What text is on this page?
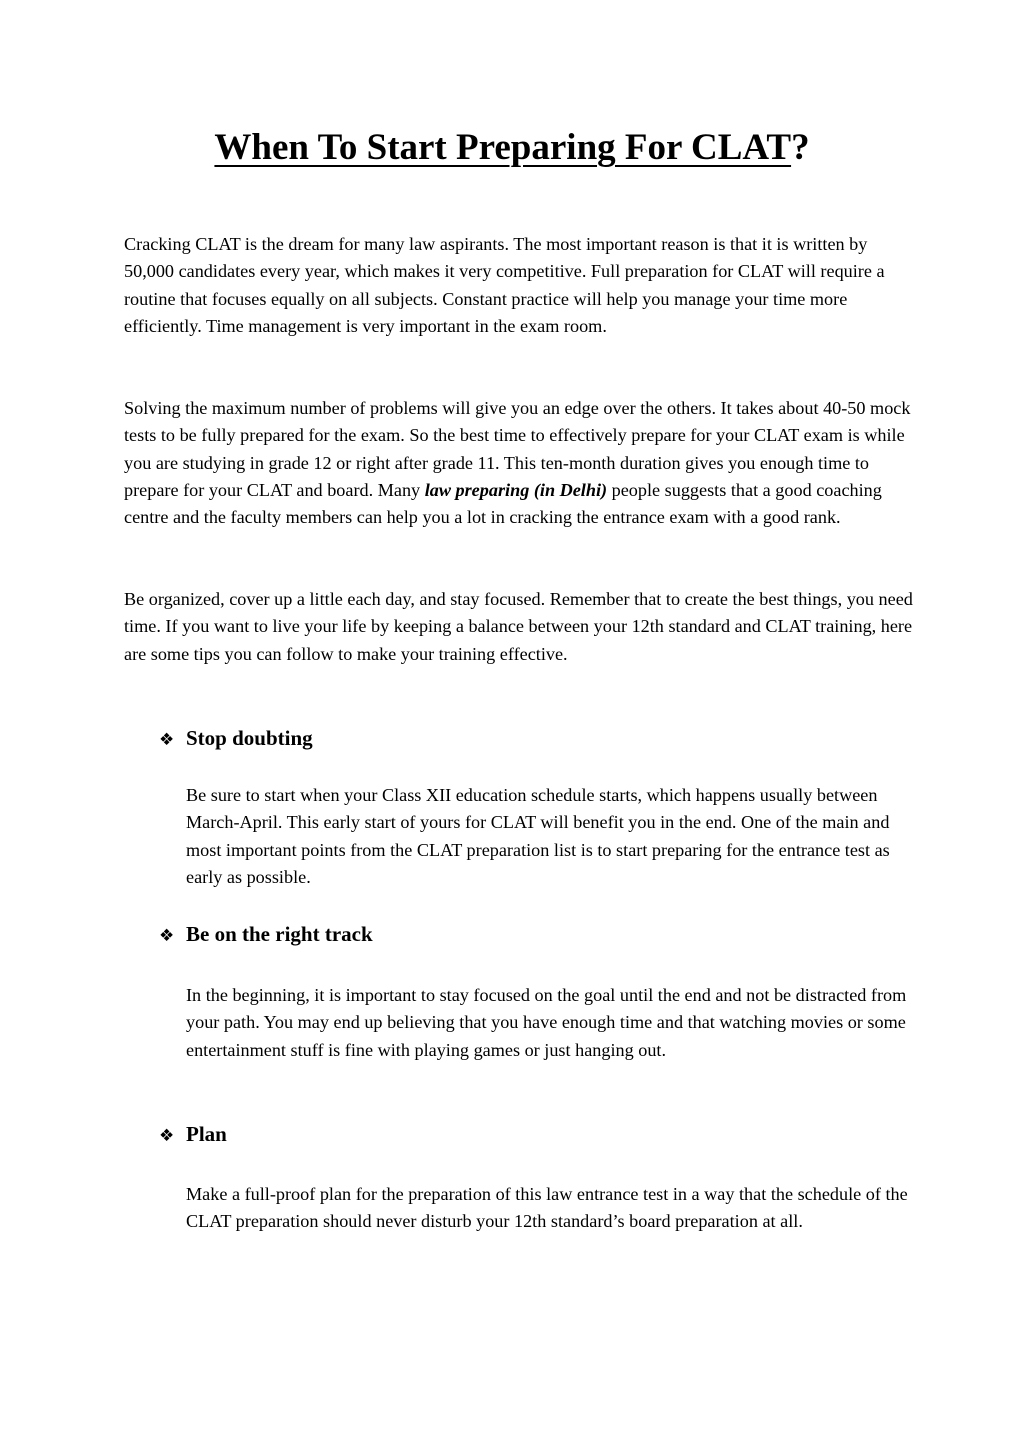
When To Start Preparing For CLAT?

Cracking CLAT is the dream for many law aspirants. The most important reason is that it is written by 50,000 candidates every year, which makes it very competitive. Full preparation for CLAT will require a routine that focuses equally on all subjects. Constant practice will help you manage your time more efficiently. Time management is very important in the exam room.

Solving the maximum number of problems will give you an edge over the others. It takes about 40-50 mock tests to be fully prepared for the exam. So the best time to effectively prepare for your CLAT exam is while you are studying in grade 12 or right after grade 11. This ten-month duration gives you enough time to prepare for your CLAT and board. Many law preparing (in Delhi) people suggests that a good coaching centre and the faculty members can help you a lot in cracking the entrance exam with a good rank.

Be organized, cover up a little each day, and stay focused. Remember that to create the best things, you need time. If you want to live your life by keeping a balance between your 12th standard and CLAT training, here are some tips you can follow to make your training effective.

❖ Stop doubting

Be sure to start when your Class XII education schedule starts, which happens usually between March-April. This early start of yours for CLAT will benefit you in the end. One of the main and most important points from the CLAT preparation list is to start preparing for the entrance test as early as possible.

❖ Be on the right track

In the beginning, it is important to stay focused on the goal until the end and not be distracted from your path. You may end up believing that you have enough time and that watching movies or some entertainment stuff is fine with playing games or just hanging out.

❖ Plan

Make a full-proof plan for the preparation of this law entrance test in a way that the schedule of the CLAT preparation should never disturb your 12th standard’s board preparation at all.
